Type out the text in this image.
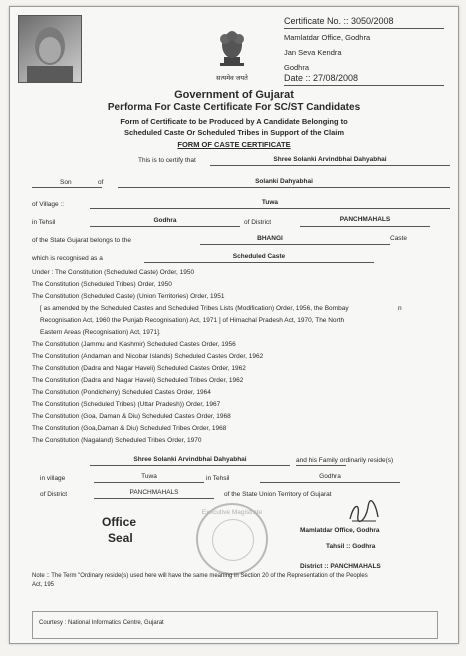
सत्यमेव जयते
Certificate No. :: 3050/2008
Mamlatdar Office, Godhra
Jan Seva Kendra
Godhra
Date :: 27/08/2008
Government of Gujarat
Performa For Caste Certificate For SC/ST Candidates
Form of Certificate to be Produced by A Candidate Belonging to
Scheduled Caste Or Scheduled Tribes in Support of the Claim
FORM OF CASTE CERTIFICATE
This is to certify that	Shree Solanki Arvindbhai Dahyabhai
Son	of	Solanki Dahyabhai
of Village ::	Tuwa
in Tehsil	Godhra	of District	PANCHMAHALS
of the State Gujarat belongs to the	BHANGI	Caste
which is recognised as a	Scheduled Caste
Under : The Constitution (Scheduled Caste) Order, 1950
The Constitution (Scheduled Tribes) Order, 1950
The Constitution (Scheduled Caste) (Union Territories) Order, 1951
[ as amended by the Scheduled Castes and Scheduled Tribes Lists (Modification) Order, 1956, the Bombay
Recognisation Act, 1960 the Punjab Recognisation) Act, 1971 ] of Himachal Pradesh Act, 1970, The North
Eastern Areas (Recognisation) Act, 1971].
The Constitution (Jammu and Kashmir) Scheduled Castes Order, 1956
The Constitution (Andaman and Nicobar Islands) Scheduled Castes Order, 1962
The Constitution (Dadra and Nagar Haveli) Scheduled Castes Order, 1962
The Constitution (Dadra and Nagar Haveli) Scheduled Tribes Order, 1962
The Constitution (Pondicherry) Scheduled Castes Order, 1964
The Constitution (Scheduled Tribes) (Uttar Pradesh)) Order, 1967
The Constitution (Goa, Daman & Diu) Scheduled Castes Order, 1968
The Constitution (Goa,Daman & Diu) Scheduled Tribes Order, 1968
The Constitution (Nagaland) Scheduled Tribes Order, 1970
n
Shree Solanki Arvindbhai Dahyabhai	and his Family ordinarily reside(s)
in village	Tuwa	in Tehsil	Godhra
of District	PANCHMAHALS	of the State Union Territory of Gujarat
Office
Seal
Executive Magistrate
Mamlatdar Office, Godhra
Tahsil :: Godhra
District :: PANCHMAHALS
Note :: The Term "Ordinary reside(s) used here will have the same meaning in Section 20 of the Representation of the Peoples
Act, 195
Courtesy : National Informatics Centre, Gujarat
